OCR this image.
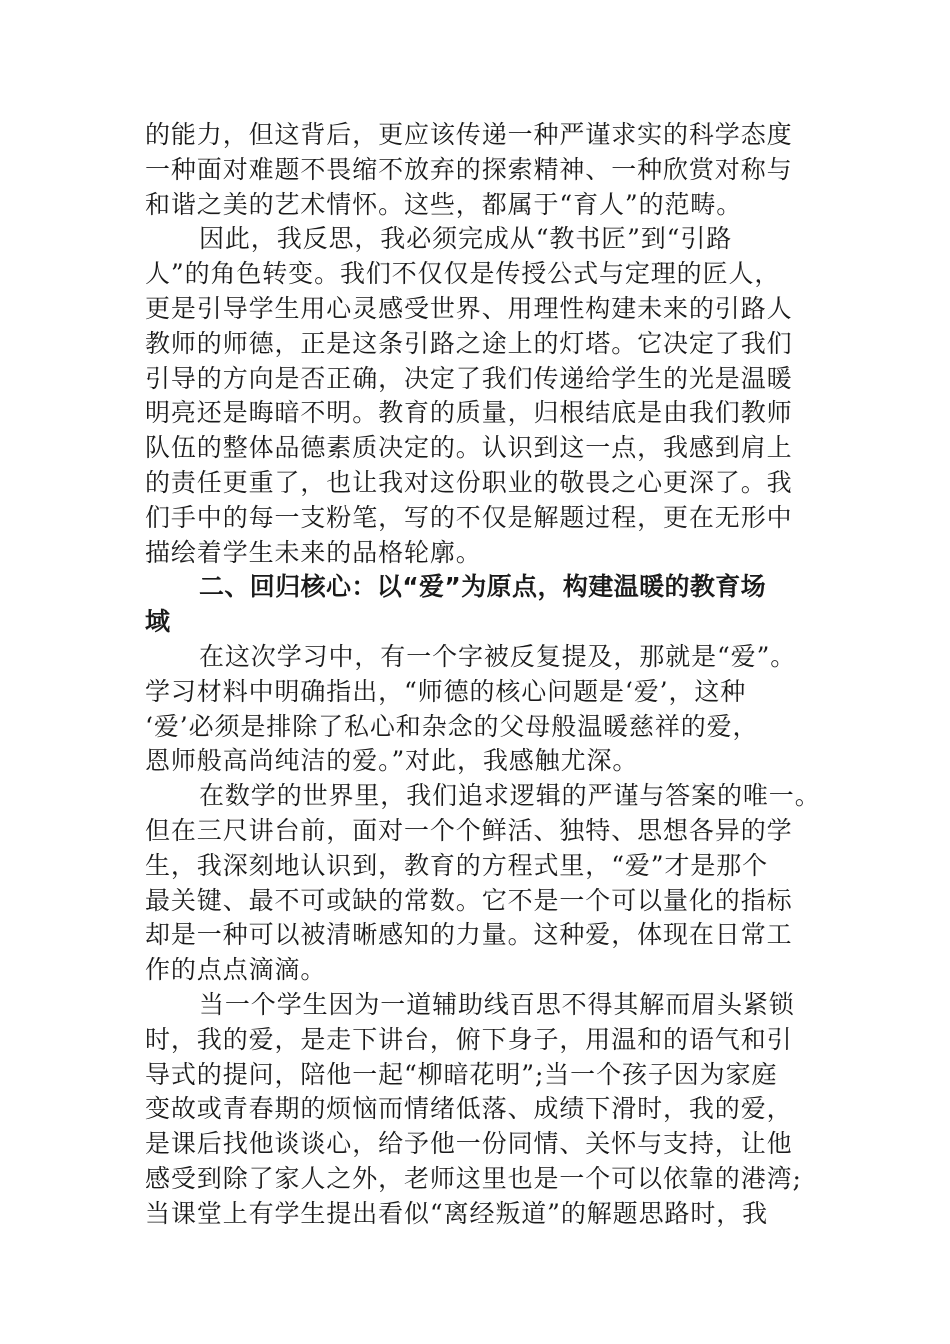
的能力，但这背后，更应该传递一种严谨求实的科学态度
一种面对难题不畏缩不放弃的探索精神、一种欣赏对称与
和谐之美的艺术情怀。这些，都属于“育人”的范畴。
因此，我反思，我必须完成从“教书匠”到“引路
人”的角色转变。我们不仅仅是传授公式与定理的匠人，
更是引导学生用心灵感受世界、用理性构建未来的引路人
教师的师德，正是这条引路之途上的灯塔。它决定了我们
引导的方向是否正确，决定了我们传递给学生的光是温暖
明亮还是晦暗不明。教育的质量，归根结底是由我们教师
队伍的整体品德素质决定的。认识到这一点，我感到肩上
的责任更重了，也让我对这份职业的敬畏之心更深了。我
们手中的每一支粉笔，写的不仅是解题过程，更在无形中
描绘着学生未来的品格轮廓。
二、回归核心：以“爱”为原点，构建温暖的教育场
域
在这次学习中，有一个字被反复提及，那就是“爱”。
学习材料中明确指出，“师德的核心问题是‘爱’，这种
‘爱’必须是排除了私心和杂念的父母般温暖慈祥的爱，
恩师般高尚纯洁的爱。”对此，我感触尤深。
在数学的世界里，我们追求逻辑的严谨与答案的唯一。
但在三尺讲台前，面对一个个鲜活、独特、思想各异的学
生，我深刻地认识到，教育的方程式里，“爱”才是那个
最关键、最不可或缺的常数。它不是一个可以量化的指标
却是一种可以被清晰感知的力量。这种爱，体现在日常工
作的点点滴滴。
当一个学生因为一道辅助线百思不得其解而眉头紧锁
时，我的爱，是走下讲台，俯下身子，用温和的语气和引
导式的提问，陪他一起“柳暗花明”;当一个孩子因为家庭
变故或青春期的烦恼而情绪低落、成绩下滑时，我的爱，
是课后找他谈谈心，给予他一份同情、关怀与支持，让他
感受到除了家人之外，老师这里也是一个可以依靠的港湾;
当课堂上有学生提出看似“离经叛道”的解题思路时，我
